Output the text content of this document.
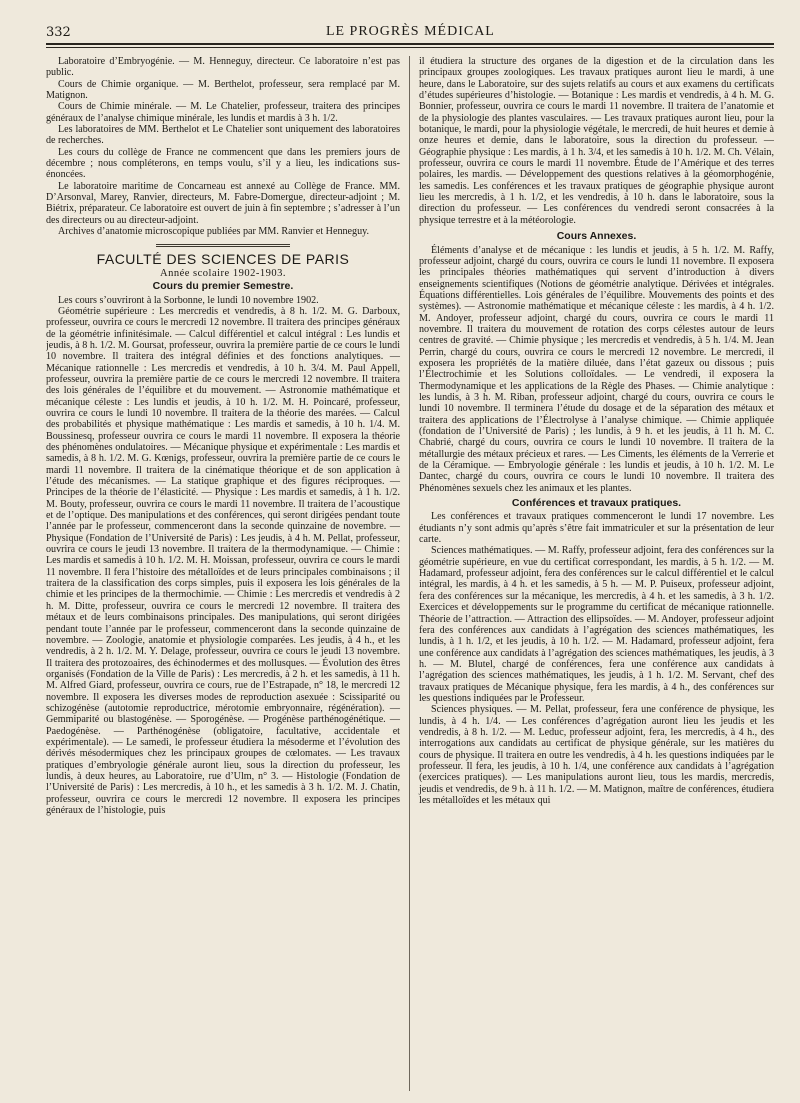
332	LE PROGRÈS MÉDICAL

Laboratoire d’Embryogénie. — M. Henneguy, directeur. Ce laboratoire n’est pas public.

Cours de Chimie organique. — M. Berthelot, professeur, sera remplacé par M. Matignon.

Cours de Chimie minérale. — M. Le Chatelier, professeur, traitera des principes généraux de l’analyse chimique minérale, les lundis et mardis à 3 h. 1/2.

Les laboratoires de MM. Berthelot et Le Chatelier sont uniquement des laboratoires de recherches.

Les cours du collège de France ne commencent que dans les premiers jours de décembre ; nous compléterons, en temps voulu, s’il y a lieu, les indications sus-énoncées.

Le laboratoire maritime de Concarneau est annexé au Collège de France. MM. D’Arsonval, Marey, Ranvier, directeurs, M. Fabre-Domergue, directeur-adjoint ; M. Biétrix, préparateur. Ce laboratoire est ouvert de juin à fin septembre ; s’adresser à l’un des directeurs ou au directeur-adjoint.

Archives d’anatomie microscopique publiées par MM. Ranvier et Henneguy.

FACULTÉ DES SCIENCES DE PARIS
Année scolaire 1902-1903.
Cours du premier Semestre.

Les cours s’ouvriront à la Sorbonne, le lundi 10 novembre 1902.

Géométrie supérieure : Les mercredis et vendredis, à 8 h. 1/2. M. G. Darboux, professeur, ouvrira ce cours le mercredi 12 novembre. Il traitera des principes généraux de la géométrie infinitésimale. — Calcul différentiel et calcul intégral : Les lundis et jeudis, à 8 h. 1/2. M. Goursat, professeur, ouvrira la première partie de ce cours le lundi 10 novembre. Il traitera des intégral définies et des fonctions analytiques. — Mécanique rationnelle : Les mercredis et vendredis, à 10 h. 3/4. M. Paul Appell, professeur, ouvrira la première partie de ce cours le mercredi 12 novembre. Il traitera des lois générales de l’équilibre et du mouvement. — Astronomie mathématique et mécanique céleste : Les lundis et jeudis, à 10 h. 1/2. M. H. Poincaré, professeur, ouvrira ce cours le lundi 10 novembre. Il traitera de la théorie des marées. — Calcul des probabilités et physique mathématique : Les mardis et samedis, à 10 h. 1/4. M. Boussinesq, professeur ouvrira ce cours le mardi 11 novembre. Il exposera la théorie des phénomènes ondulatoires. — Mécanique physique et expérimentale : Les mardis et samedis, à 8 h. 1/2. M. G. Kœnigs, professeur, ouvrira la première partie de ce cours le mardi 11 novembre. Il traitera de la cinématique théorique et de son application à l’étude des mécanismes. — La statique graphique et des figures réciproques. — Principes de la théorie de l’élasticité. — Physique : Les mardis et samedis, à 1 h. 1/2. M. Bouty, professeur, ouvrira ce cours le mardi 11 novembre. Il traitera de l’acoustique et de l’optique. Des manipulations et des conférences, qui seront dirigées pendant toute l’année par le professeur, commenceront dans la seconde quinzaine de novembre. — Physique (Fondation de l’Université de Paris) : Les jeudis, à 4 h. M. Pellat, professeur, ouvrira ce cours le jeudi 13 novembre. Il traitera de la thermodynamique. — Chimie : Les mardis et samedis à 10 h. 1/2. M. H. Moissan, professeur, ouvrira ce cours le mardi 11 novembre. Il fera l’histoire des métalloïdes et de leurs principales combinaisons ; il traitera de la classification des corps simples, puis il exposera les lois générales de la chimie et les principes de la thermochimie. — Chimie : Les mercredis et vendredis à 2 h. M. Ditte, professeur, ouvrira ce cours le mercredi 12 novembre. Il traitera des métaux et de leurs combinaisons principales. Des manipulations, qui seront dirigées pendant toute l’année par le professeur, commenceront dans la seconde quinzaine de novembre. — Zoologie, anatomie et physiologie comparées. Les jeudis, à 4 h., et les vendredis, à 2 h. 1/2. M. Y. Delage, professeur, ouvrira ce cours le jeudi 13 novembre. Il traitera des protozoaires, des échinodermes et des mollusques. — Évolution des êtres organisés (Fondation de la Ville de Paris) : Les mercredis, à 2 h. et les samedis, à 11 h. M. Alfred Giard, professeur, ouvrira ce cours, rue de l’Estrapade, n° 18, le mercredi 12 novembre. Il exposera les diverses modes de reproduction asexuée : Scissiparité ou schizogénèse (autotomie reproductrice, mérotomie embryonnaire, régénération). — Gemmiparité ou blastogénèse. — Sporogénèse. — Progénèse parthénogénétique. — Paedogénèse. — Parthénogénèse (obligatoire, facultative, accidentale et expérimentale). — Le samedi, le professeur étudiera la mésoderme et l’évolution des dérivés mésodermiques chez les principaux groupes de cœlomates. — Les travaux pratiques d’embryologie générale auront lieu, sous la direction du professeur, les lundis, à deux heures, au Laboratoire, rue d’Ulm, n° 3. — Histologie (Fondation de l’Université de Paris) : Les mercredis, à 10 h., et les samedis à 3 h. 1/2. M. J. Chatin, professeur, ouvrira ce cours le mercredi 12 novembre. Il exposera les principes généraux de l’histologie, puis

il étudiera la structure des organes de la digestion et de la circulation dans les principaux groupes zoologiques. Les travaux pratiques auront lieu le mardi, à une heure, dans le Laboratoire, sur des sujets relatifs au cours et aux examens du certificats d’études supérieures d’histologie. — Botanique : Les mardis et vendredis, à 4 h. M. G. Bonnier, professeur, ouvrira ce cours le mardi 11 novembre. Il traitera de l’anatomie et de la physiologie des plantes vasculaires. — Les travaux pratiques auront lieu, pour la botanique, le mardi, pour la physiologie végétale, le mercredi, de huit heures et demie à onze heures et demie, dans le laboratoire, sous la direction du professeur. — Géographie physique : Les mardis, à 1 h. 3/4, et les samedis à 10 h. 1/2. M. Ch. Vélain, professeur, ouvrira ce cours le mardi 11 novembre. Étude de l’Amérique et des terres polaires, les mardis. — Développement des questions relatives à la géomorphogénie, les samedis. Les conférences et les travaux pratiques de géographie physique auront lieu les mercredis, à 1 h. 1/2, et les vendredis, à 10 h. dans le laboratoire, sous la direction du professeur. — Les conférences du vendredi seront consacrées à la physique terrestre et à la météorologie.

Cours Annexes.

Éléments d’analyse et de mécanique : les lundis et jeudis, à 5 h. 1/2. M. Raffy, professeur adjoint, chargé du cours, ouvrira ce cours le lundi 11 novembre. Il exposera les principales théories mathématiques qui servent d’introduction à divers enseignements scientifiques (Notions de géométrie analytique. Dérivées et intégrales. Équations différentielles. Lois générales de l’équilibre. Mouvements des points et des systèmes). — Astronomie mathématique et mécanique céleste : les mardis, à 4 h. 1/2. M. Andoyer, professeur adjoint, chargé du cours, ouvrira ce cours le mardi 11 novembre. Il traitera du mouvement de rotation des corps célestes autour de leurs centres de gravité. — Chimie physique ; les mercredis et vendredis, à 5 h. 1/4. M. Jean Perrin, chargé du cours, ouvrira ce cours le mercredi 12 novembre. Le mercredi, il exposera les propriétés de la matière diluée, dans l’état gazeux ou dissous ; puis l’Électrochimie et les Solutions colloïdales. — Le vendredi, il exposera la Thermodynamique et les applications de la Règle des Phases. — Chimie analytique : les lundis, à 3 h. M. Riban, professeur adjoint, chargé du cours, ouvrira ce cours le lundi 10 novembre. Il terminera l’étude du dosage et de la séparation des métaux et traitera des applications de l’Électrolyse à l’analyse chimique. — Chimie appliquée (fondation de l’Université de Paris) ; les lundis, à 9 h. et les jeudis, à 11 h. M. C. Chabrié, chargé du cours, ouvrira ce cours le lundi 10 novembre. Il traitera de la métallurgie des métaux précieux et rares. — Les Ciments, les éléments de la Verrerie et de la Céramique. — Embryologie générale : les lundis et jeudis, à 10 h. 1/2. M. Le Dantec, chargé du cours, ouvrira ce cours le lundi 10 novembre. Il traitera des Phénomènes sexuels chez les animaux et les plantes.

Conférences et travaux pratiques.

Les conférences et travaux pratiques commenceront le lundi 17 novembre. Les étudiants n’y sont admis qu’après s’être fait immatriculer et sur la présentation de leur carte.

Sciences mathématiques. — M. Raffy, professeur adjoint, fera des conférences sur la géométrie supérieure, en vue du certificat correspondant, les mardis, à 5 h. 1/2. — M. Hadamard, professeur adjoint, fera des conférences sur le calcul différentiel et le calcul intégral, les mardis, à 4 h. et les samedis, à 5 h. — M. P. Puiseux, professeur adjoint, fera des conférences sur la mécanique, les mercredis, à 4 h. et les samedis, à 3 h. 1/2. Exercices et développements sur le programme du certificat de mécanique rationnelle. Théorie de l’attraction. — Attraction des ellipsoïdes. — M. Andoyer, professeur adjoint fera des conférences aux candidats à l’agrégation des sciences mathématiques, les lundis, à 1 h. 1/2, et les jeudis, à 10 h. 1/2. — M. Hadamard, professeur adjoint, fera une conférence aux candidats à l’agrégation des sciences mathématiques, les jeudis, à 3 h. — M. Blutel, chargé de conférences, fera une conférence aux candidats à l’agrégation des sciences mathématiques, les jeudis, à 1 h. 1/2. M. Servant, chef des travaux pratiques de Mécanique physique, fera les mardis, à 4 h., des conférences sur les questions indiquées par le Professeur.

Sciences physiques. — M. Pellat, professeur, fera une conférence de physique, les lundis, à 4 h. 1/4. — Les conférences d’agrégation auront lieu les jeudis et les vendredis, à 8 h. 1/2. — M. Leduc, professeur adjoint, fera, les mercredis, à 4 h., des interrogations aux candidats au certificat de physique générale, sur les matières du cours de physique. Il traitera en outre les vendredis, à 4 h. les questions indiquées par le professeur. Il fera, les jeudis, à 10 h. 1/4, une conférence aux candidats à l’agrégation (exercices pratiques). — Les manipulations auront lieu, tous les mardis, mercredis, jeudis et vendredis, de 9 h. à 11 h. 1/2. — M. Matignon, maître de conférences, étudiera les métalloïdes et les métaux qui
